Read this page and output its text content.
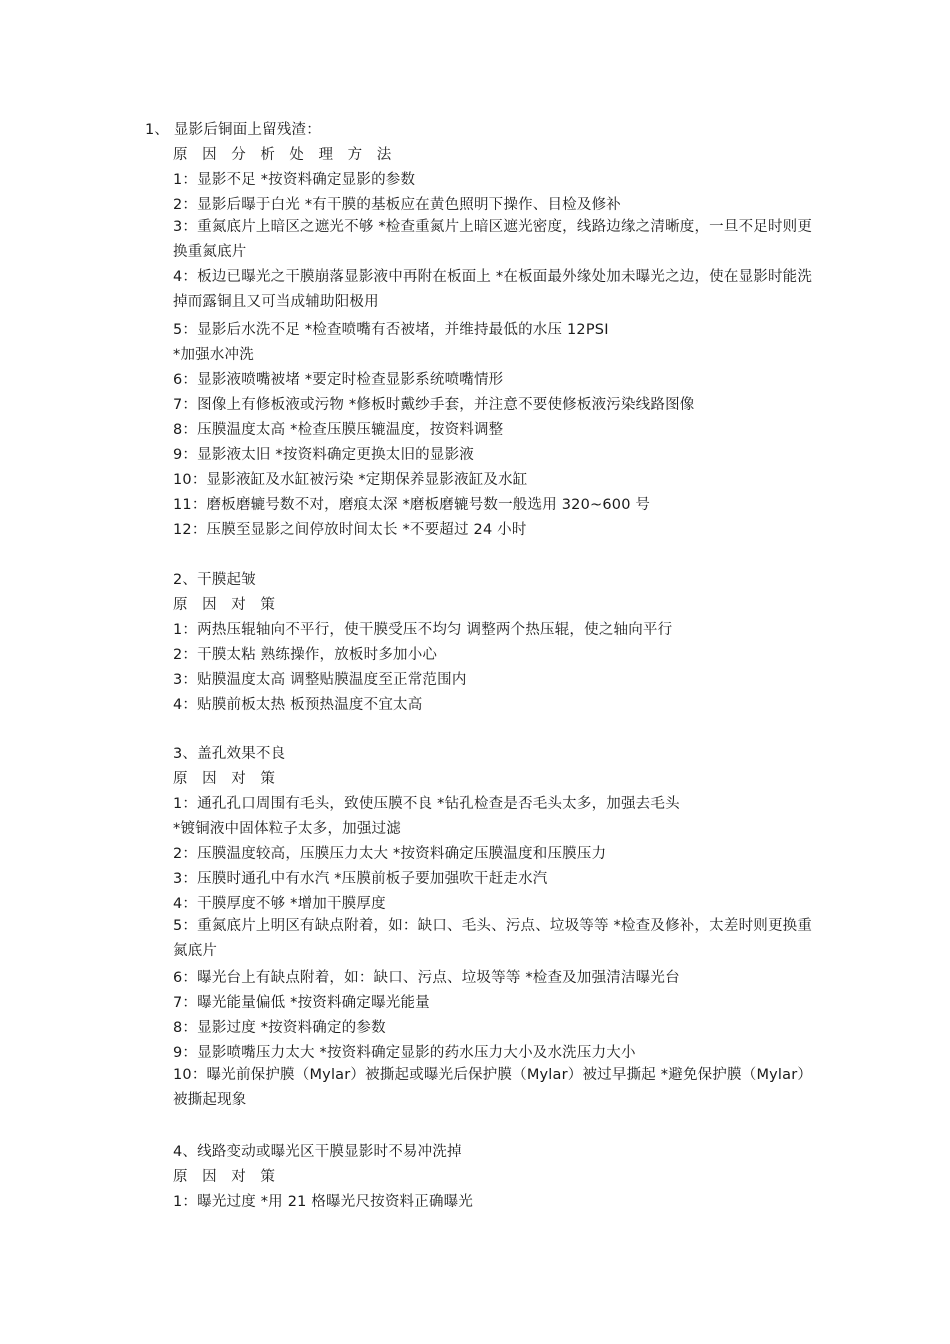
1、 显影后铜面上留残渣：
原 因 分 析 处 理 方 法
1：显影不足 *按资料确定显影的参数
2：显影后曝于白光 *有干膜的基板应在黄色照明下操作、目检及修补
3：重氮底片上暗区之遮光不够 *检查重氮片上暗区遮光密度，线路边缘之清晰度，一旦不足时则更换重氮底片
4：板边已曝光之干膜崩落显影液中再附在板面上 *在板面最外缘处加未曝光之边，使在显影时能洗掉而露铜且又可当成辅助阳极用
5：显影后水洗不足 *检查喷嘴有否被堵，并维持最低的水压 12PSI
*加强水冲洗
6：显影液喷嘴被堵 *要定时检查显影系统喷嘴情形
7：图像上有修板液或污物 *修板时戴纱手套，并注意不要使修板液污染线路图像
8：压膜温度太高 *检查压膜压辘温度，按资料调整
9：显影液太旧 *按资料确定更换太旧的显影液
10：显影液缸及水缸被污染 *定期保养显影液缸及水缸
11：磨板磨辘号数不对，磨痕太深 *磨板磨辘号数一般选用 320~600 号
12：压膜至显影之间停放时间太长 *不要超过 24 小时
2、干膜起皱
原 因 对 策
1：两热压辊轴向不平行，使干膜受压不均匀 调整两个热压辊，使之轴向平行
2：干膜太粘 熟练操作，放板时多加小心
3：贴膜温度太高 调整贴膜温度至正常范围内
4：贴膜前板太热 板预热温度不宜太高
3、盖孔效果不良
原 因 对 策
1：通孔孔口周围有毛头，致使压膜不良 *钻孔检查是否毛头太多，加强去毛头
*镀铜液中固体粒子太多，加强过滤
2：压膜温度较高，压膜压力太大 *按资料确定压膜温度和压膜压力
3：压膜时通孔中有水汽 *压膜前板子要加强吹干赶走水汽
4：干膜厚度不够 *增加干膜厚度
5：重氮底片上明区有缺点附着，如：缺口、毛头、污点、垃圾等等 *检查及修补，太差时则更换重氮底片
6：曝光台上有缺点附着，如：缺口、污点、垃圾等等 *检查及加强清洁曝光台
7：曝光能量偏低 *按资料确定曝光能量
8：显影过度 *按资料确定的参数
9：显影喷嘴压力太大 *按资料确定显影的药水压力大小及水洗压力大小
10：曝光前保护膜（Mylar）被撕起或曝光后保护膜（Mylar）被过早撕起 *避免保护膜（Mylar）被撕起现象
4、线路变动或曝光区干膜显影时不易冲洗掉
原 因 对 策
1：曝光过度 *用 21 格曝光尺按资料正确曝光
